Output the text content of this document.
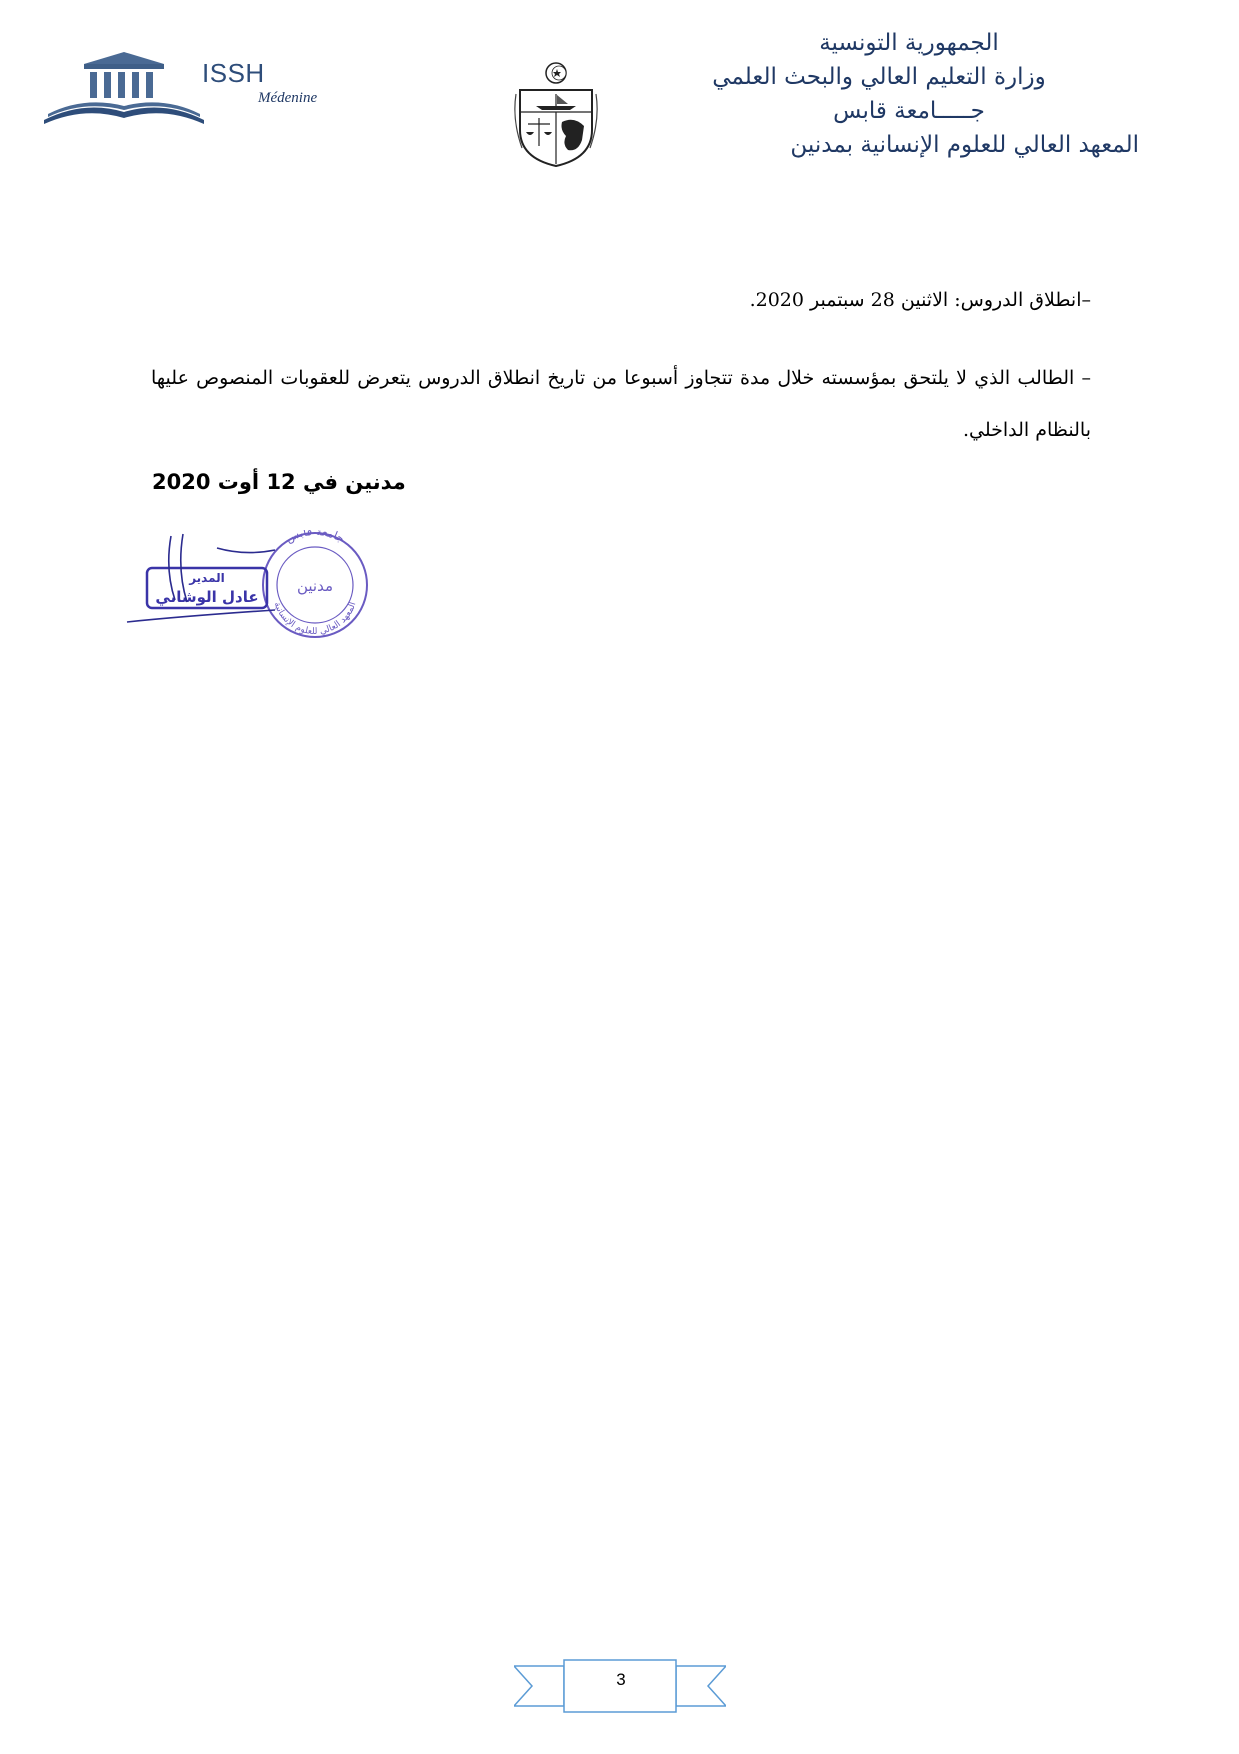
الجمهورية التونسية
وزارة التعليم العالي والبحث العلمي
جـــــامعة قابس
المعهد العالي للعلوم الإنسانية بمدنين
ISSH
Médenine
–انطلاق الدروس: الاثنين 28 سبتمبر 2020.
– الطالب الذي لا يلتحق بمؤسسته خلال مدة تتجاوز أسبوعا من تاريخ انطلاق الدروس يتعرض للعقوبات المنصوص عليها بالنظام الداخلي.
مدنين في 12 أوت 2020
جامعة قابس
المعهد العالي للعلوم الإنسانية
مدنين
المدير
عادل الوشاني
3
